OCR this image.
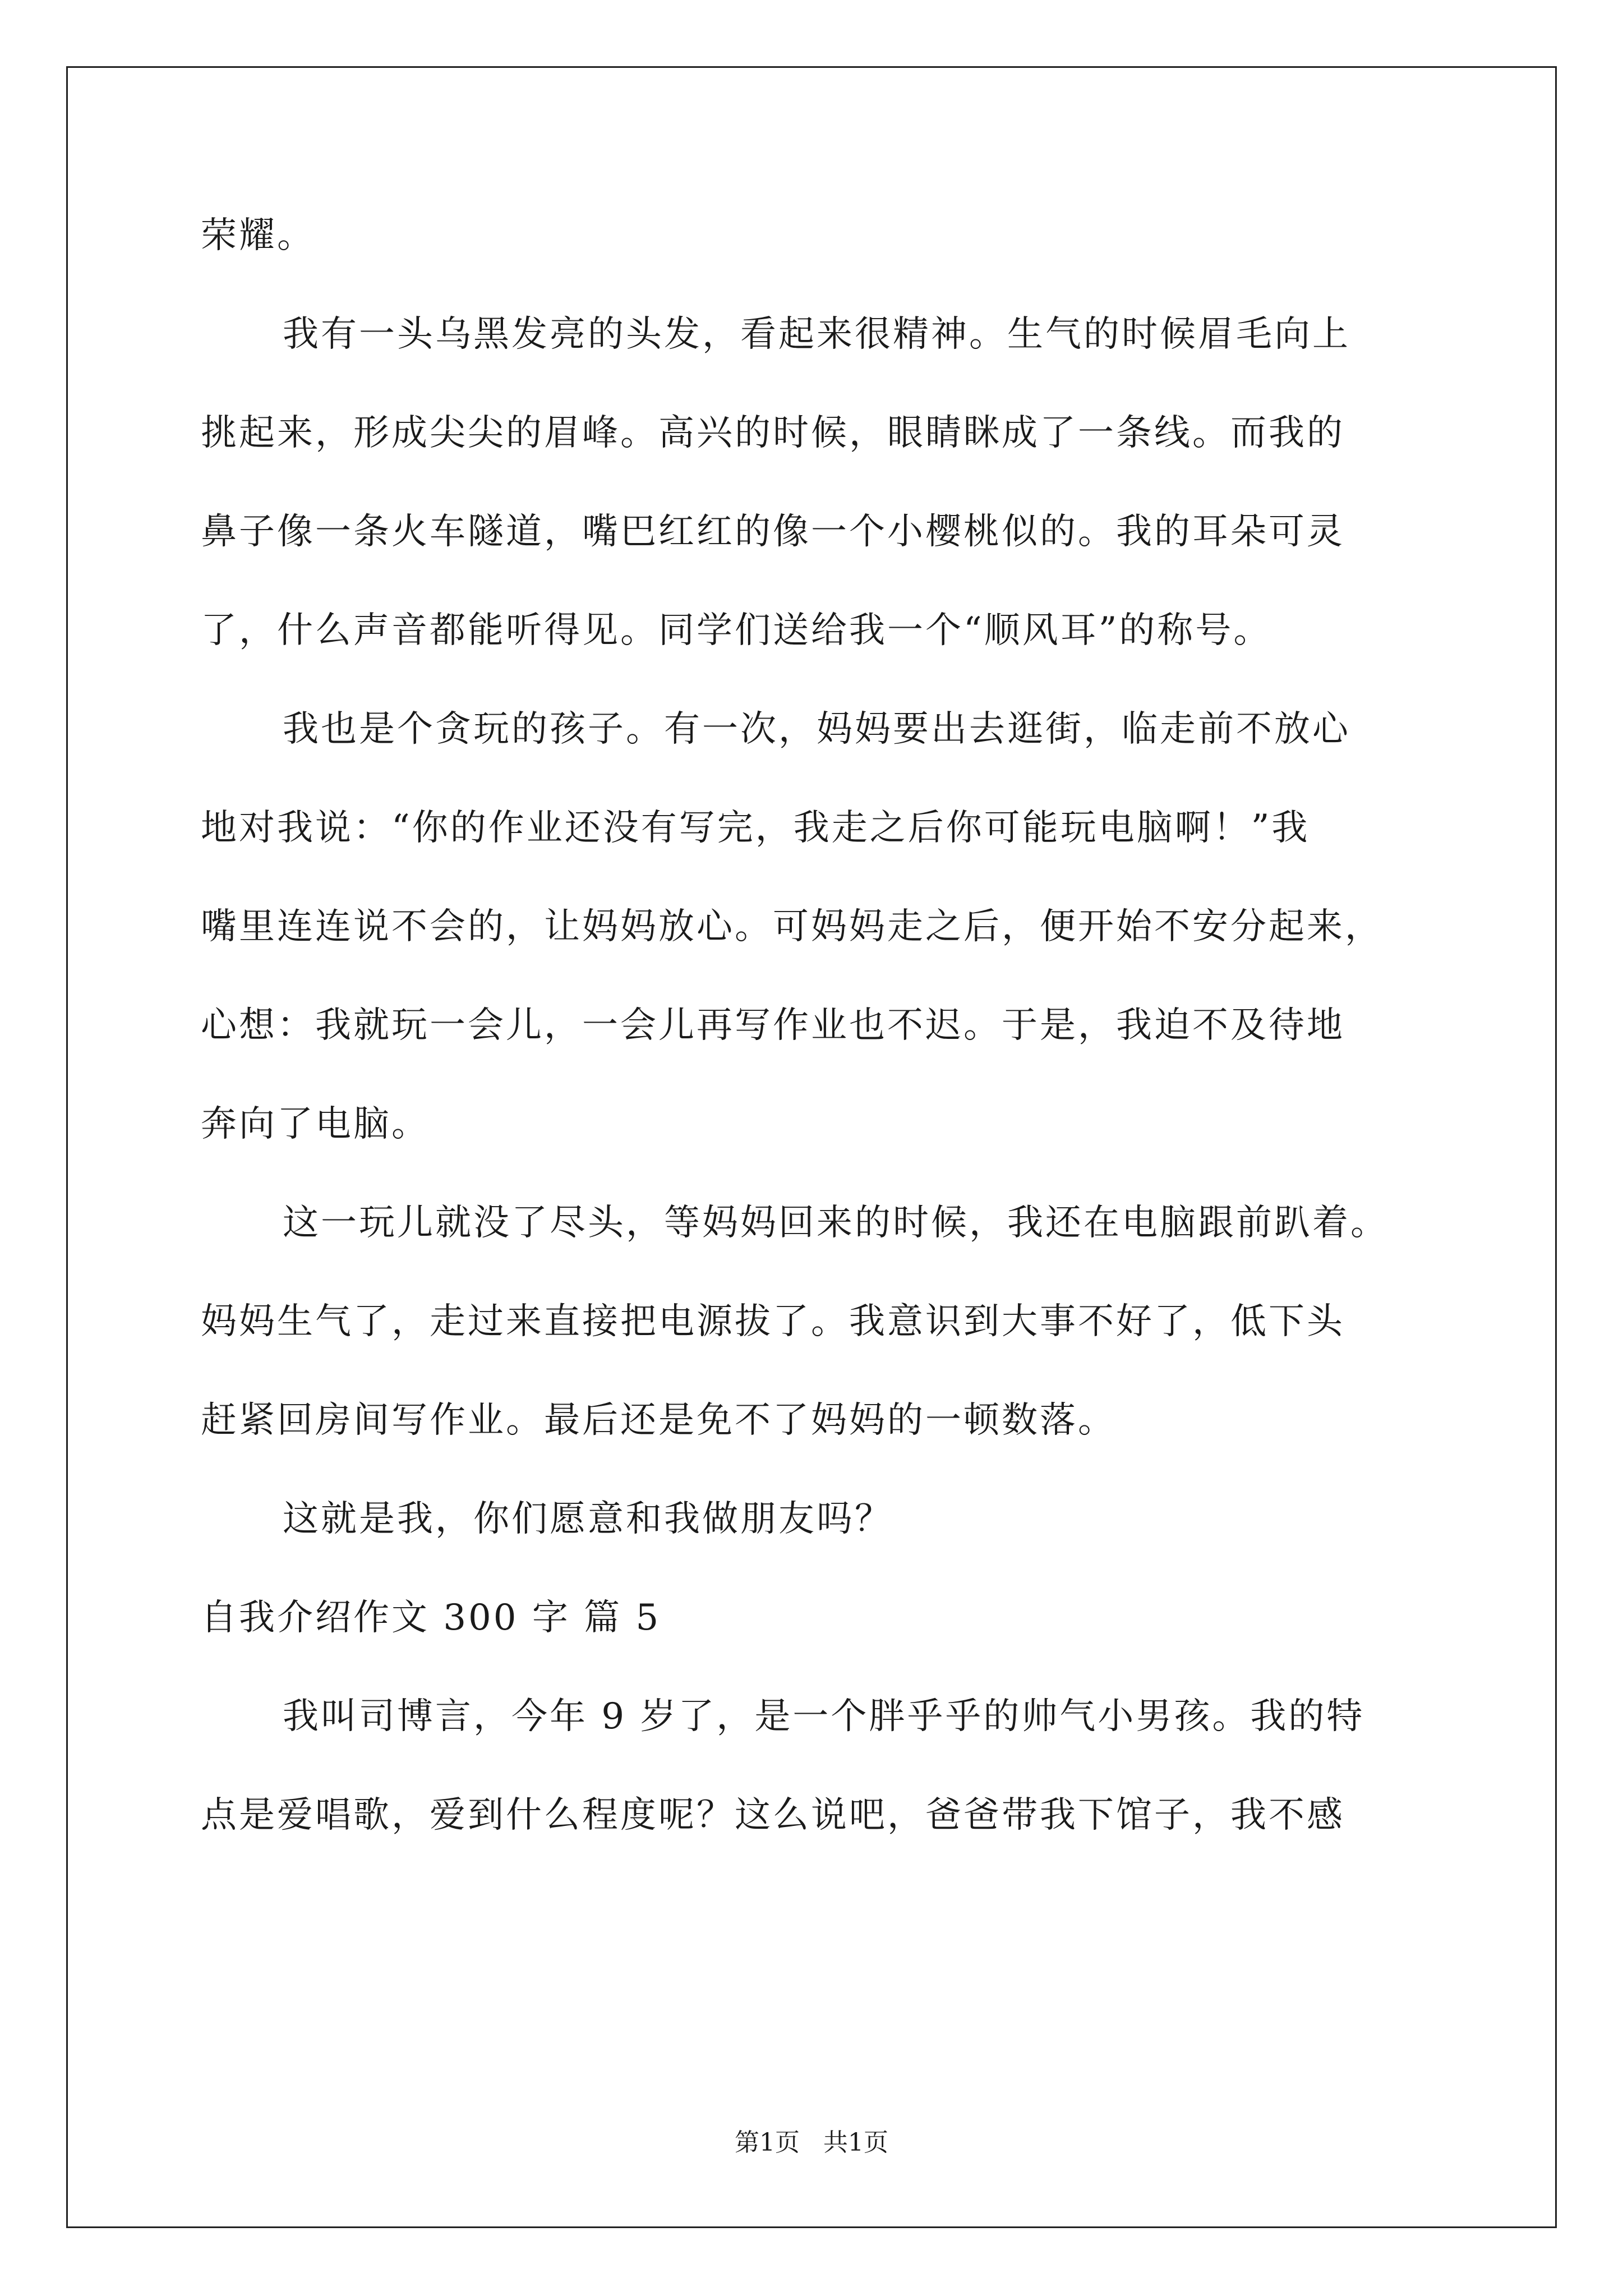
荣耀。
我有一头乌黑发亮的头发，看起来很精神。生气的时候眉毛向上
挑起来，形成尖尖的眉峰。高兴的时候，眼睛眯成了一条线。而我的
鼻子像一条火车隧道，嘴巴红红的像一个小樱桃似的。我的耳朵可灵
了，什么声音都能听得见。同学们送给我一个“顺风耳”的称号。
我也是个贪玩的孩子。有一次，妈妈要出去逛街，临走前不放心
地对我说：“你的作业还没有写完，我走之后你可能玩电脑啊！”我
嘴里连连说不会的，让妈妈放心。可妈妈走之后，便开始不安分起来，
心想：我就玩一会儿，一会儿再写作业也不迟。于是，我迫不及待地
奔向了电脑。
这一玩儿就没了尽头，等妈妈回来的时候，我还在电脑跟前趴着。
妈妈生气了，走过来直接把电源拔了。我意识到大事不好了，低下头
赶紧回房间写作业。最后还是免不了妈妈的一顿数落。
这就是我，你们愿意和我做朋友吗？
自我介绍作文 300 字 篇 5
我叫司博言，今年 9 岁了，是一个胖乎乎的帅气小男孩。我的特
点是爱唱歌，爱到什么程度呢？这么说吧，爸爸带我下馆子，我不感
第1页   共1页
